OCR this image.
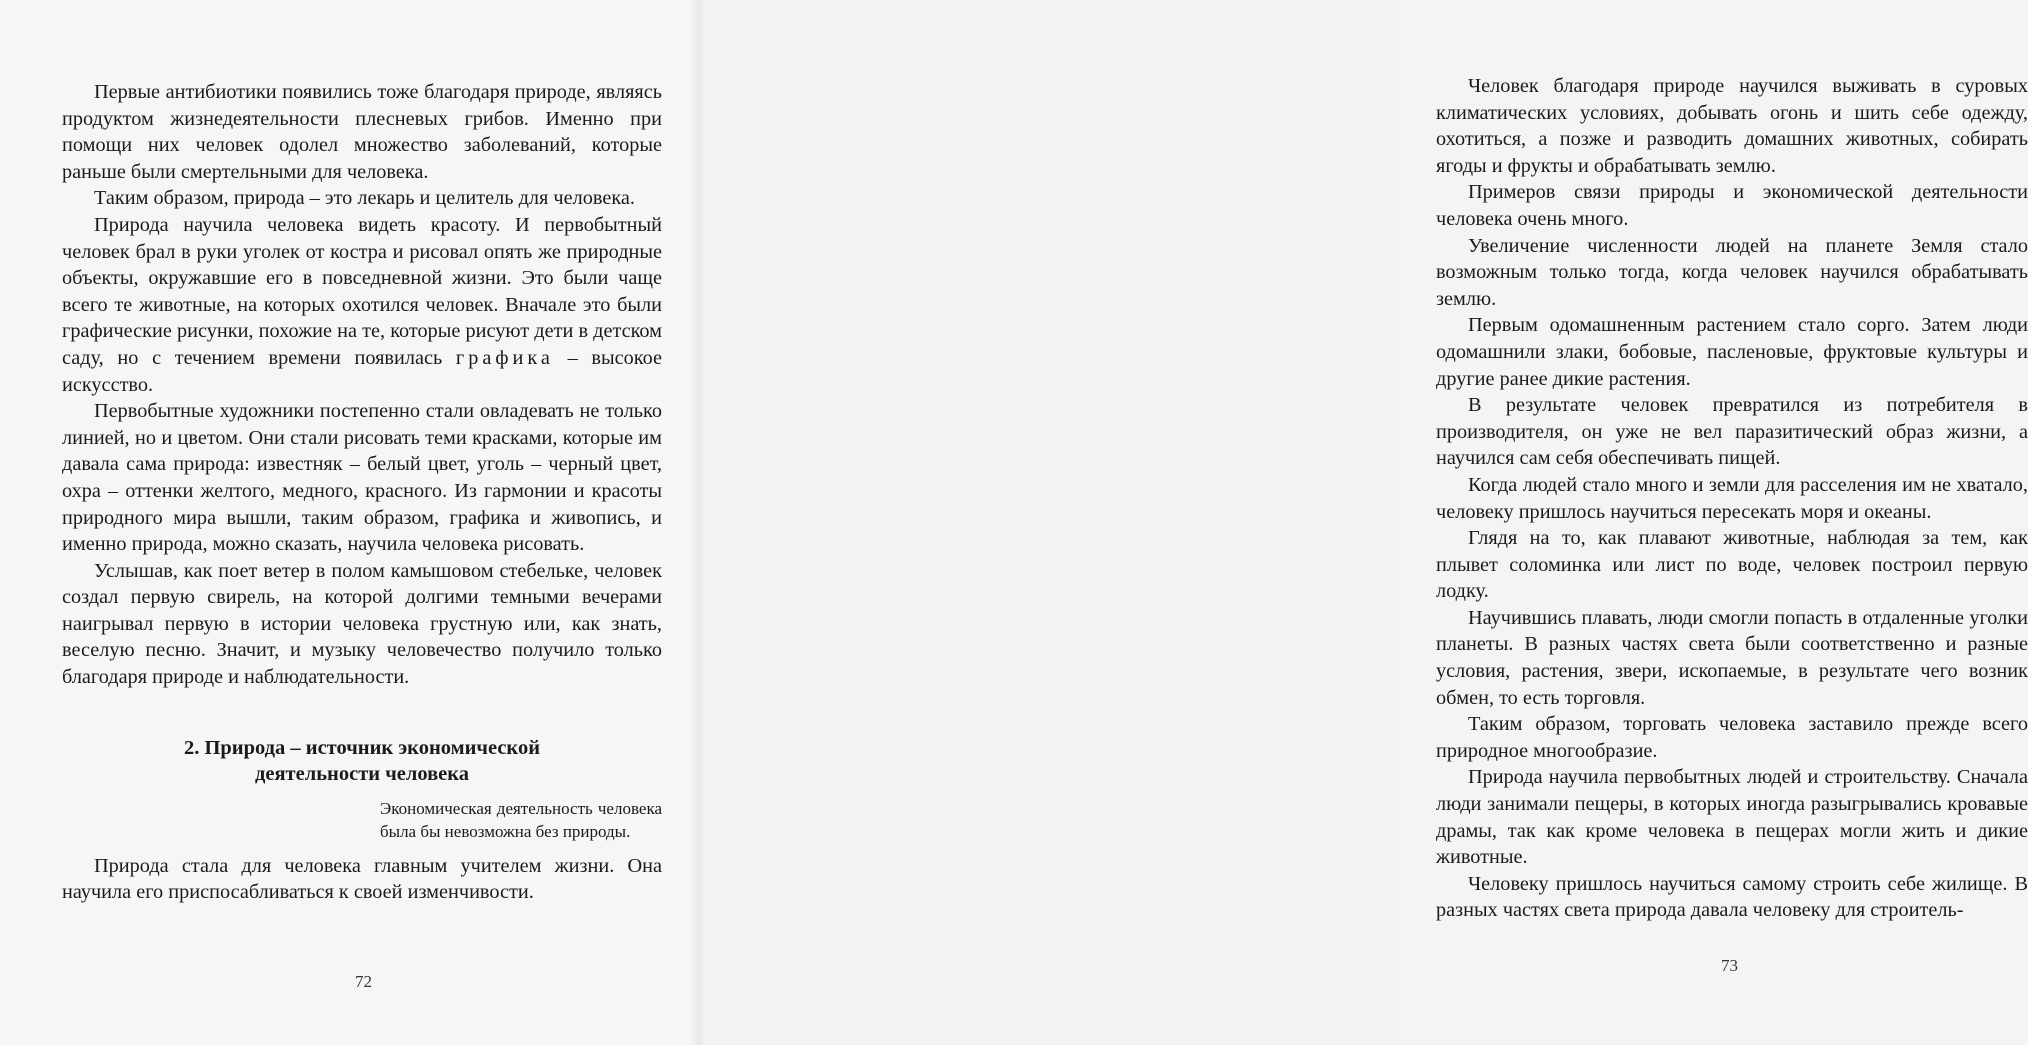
Первые антибиотики появились тоже благодаря природе, являясь продуктом жизнедеятельности плесневых грибов. Именно при помощи них человек одолел множество заболеваний, которые раньше были смертельными для человека.

Таким образом, природа – это лекарь и целитель для человека.

Природа научила человека видеть красоту. И первобытный человек брал в руки уголек от костра и рисовал опять же природные объекты, окружавшие его в повседневной жизни. Это были чаще всего те животные, на которых охотился человек. Вначале это были графические рисунки, похожие на те, которые рисуют дети в детском саду, но с течением времени появилась графика – высокое искусство.

Первобытные художники постепенно стали овладевать не только линией, но и цветом. Они стали рисовать теми красками, которые им давала сама природа: известняк – белый цвет, уголь – черный цвет, охра – оттенки желтого, медного, красного. Из гармонии и красоты природного мира вышли, таким образом, графика и живопись, и именно природа, можно сказать, научила человека рисовать.

Услышав, как поет ветер в полом камышовом стебельке, человек создал первую свирель, на которой долгими темными вечерами наигрывал первую в истории человека грустную или, как знать, веселую песню. Значит, и музыку человечество получило только благодаря природе и наблюдательности.

2. Природа – источник экономической
деятельности человека

Экономическая деятельность человека была бы невозможна без природы.

Природа стала для человека главным учителем жизни. Она научила его приспосабливаться к своей изменчивости.

72

Человек благодаря природе научился выживать в суровых климатических условиях, добывать огонь и шить себе одежду, охотиться, а позже и разводить домашних животных, собирать ягоды и фрукты и обрабатывать землю.

Примеров связи природы и экономической деятельности человека очень много.

Увеличение численности людей на планете Земля стало возможным только тогда, когда человек научился обрабатывать землю.

Первым одомашненным растением стало сорго. Затем люди одомашнили злаки, бобовые, пасленовые, фруктовые культуры и другие ранее дикие растения.

В результате человек превратился из потребителя в производителя, он уже не вел паразитический образ жизни, а научился сам себя обеспечивать пищей.

Когда людей стало много и земли для расселения им не хватало, человеку пришлось научиться пересекать моря и океаны.

Глядя на то, как плавают животные, наблюдая за тем, как плывет соломинка или лист по воде, человек построил первую лодку.

Научившись плавать, люди смогли попасть в отдаленные уголки планеты. В разных частях света были соответственно и разные условия, растения, звери, ископаемые, в результате чего возник обмен, то есть торговля.

Таким образом, торговать человека заставило прежде всего природное многообразие.

Природа научила первобытных людей и строительству. Сначала люди занимали пещеры, в которых иногда разыгрывались кровавые драмы, так как кроме человека в пещерах могли жить и дикие животные.

Человеку пришлось научиться самому строить себе жилище. В разных частях света природа давала человеку для строитель-

73
